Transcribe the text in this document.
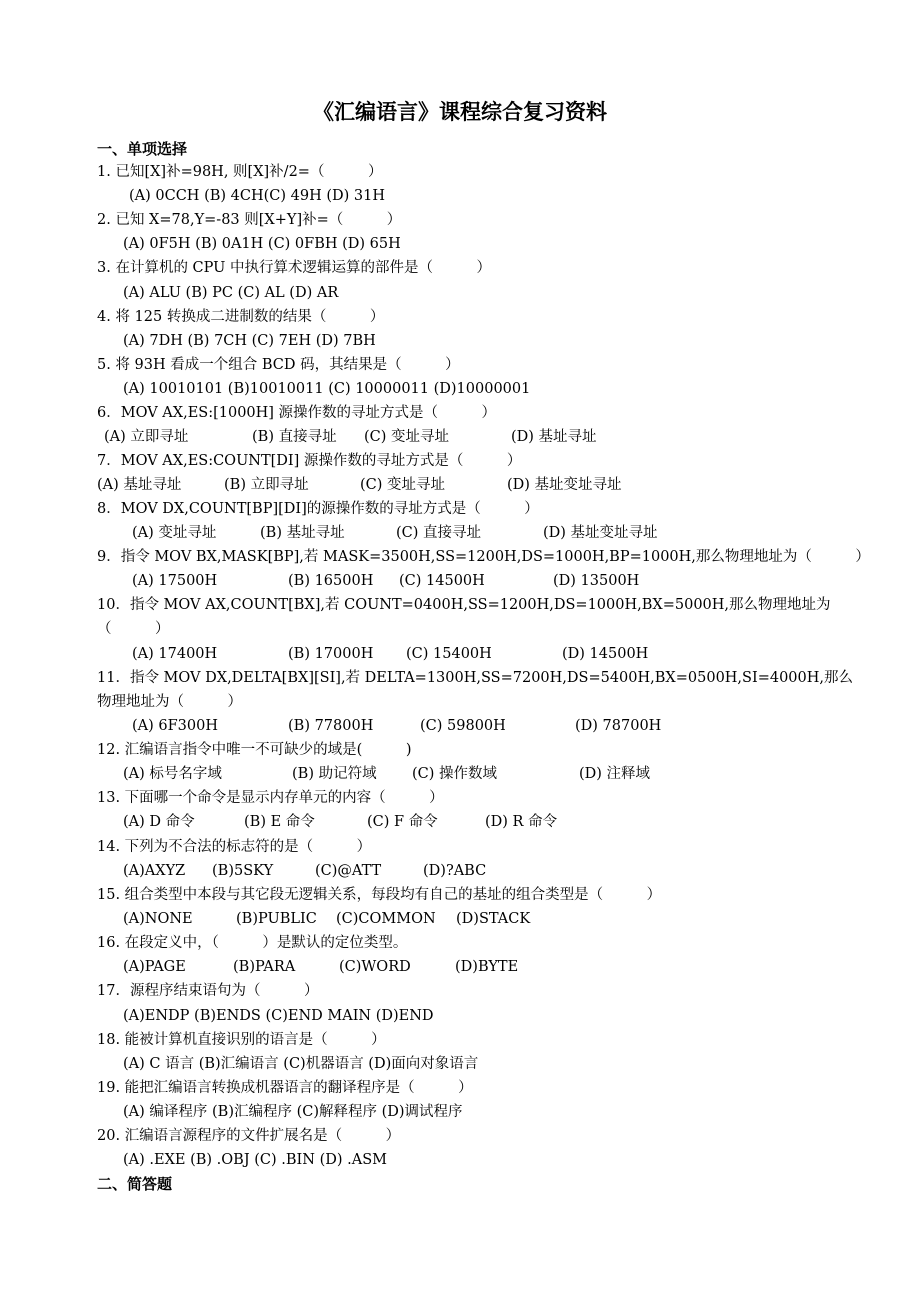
《汇编语言》课程综合复习资料
一、单项选择
1. 已知[X]补=98H, 则[X]补/2=（　　　）
(A) 0CCH (B) 4CH(C) 49H (D) 31H
2. 已知 X=78,Y=-83 则[X+Y]补=（　　　）
(A) 0F5H (B) 0A1H (C) 0FBH (D) 65H
3. 在计算机的 CPU 中执行算术逻辑运算的部件是（　　　）
(A) ALU (B) PC (C) AL (D) AR
4. 将 125 转换成二进制数的结果（　　　）
(A) 7DH (B) 7CH (C) 7EH (D) 7BH
5. 将 93H 看成一个组合 BCD 码，其结果是（　　　）
(A) 10010101 (B)10010011 (C) 10000011 (D)10000001
6．MOV AX,ES:[1000H] 源操作数的寻址方式是（　　　）
(A) 立即寻址	(B) 直接寻址 (C) 变址寻址	(D) 基址寻址
7．MOV AX,ES:COUNT[DI] 源操作数的寻址方式是（　　　）
(A) 基址寻址	(B) 立即寻址	(C) 变址寻址	(D) 基址变址寻址
8．MOV DX,COUNT[BP][DI]的源操作数的寻址方式是（　　　）
(A) 变址寻址	(B) 基址寻址	(C) 直接寻址	(D) 基址变址寻址
9．指令 MOV BX,MASK[BP],若 MASK=3500H,SS=1200H,DS=1000H,BP=1000H,那么物理地址为（　　　）
(A) 17500H	(B) 16500H (C) 14500H	(D) 13500H
10．指令 MOV AX,COUNT[BX],若 COUNT=0400H,SS=1200H,DS=1000H,BX=5000H,那么物理地址为
（　　　）
(A) 17400H	(B) 17000H (C) 15400H	(D) 14500H
11．指令 MOV DX,DELTA[BX][SI],若 DELTA=1300H,SS=7200H,DS=5400H,BX=0500H,SI=4000H,那么
物理地址为（　　　）
(A) 6F300H	(B) 77800H	(C) 59800H	(D) 78700H
12. 汇编语言指令中唯一不可缺少的域是(　　　)
(A) 标号名字域	(B) 助记符域 (C) 操作数域	(D) 注释域
13. 下面哪一个命令是显示内存单元的内容（　　　）
(A) D 命令	(B) E 命令	(C) F 命令	(D) R 命令
14. 下列为不合法的标志符的是（　　　）
(A)AXYZ (B)5SKY	(C)@ATT	(D)?ABC
15. 组合类型中本段与其它段无逻辑关系，每段均有自己的基址的组合类型是（　　　）
(A)NONE	(B)PUBLIC (C)COMMON (D)STACK
16. 在段定义中，（　　　）是默认的定位类型。
(A)PAGE	(B)PARA	(C)WORD	(D)BYTE
17．源程序结束语句为（　　　）
(A)ENDP (B)ENDS (C)END MAIN (D)END
18. 能被计算机直接识别的语言是（　　　）
(A) C 语言 (B)汇编语言 (C)机器语言 (D)面向对象语言
19. 能把汇编语言转换成机器语言的翻译程序是（　　　）
(A) 编译程序 (B)汇编程序 (C)解释程序 (D)调试程序
20. 汇编语言源程序的文件扩展名是（　　　）
(A) .EXE (B) .OBJ (C) .BIN (D) .ASM
二、简答题
